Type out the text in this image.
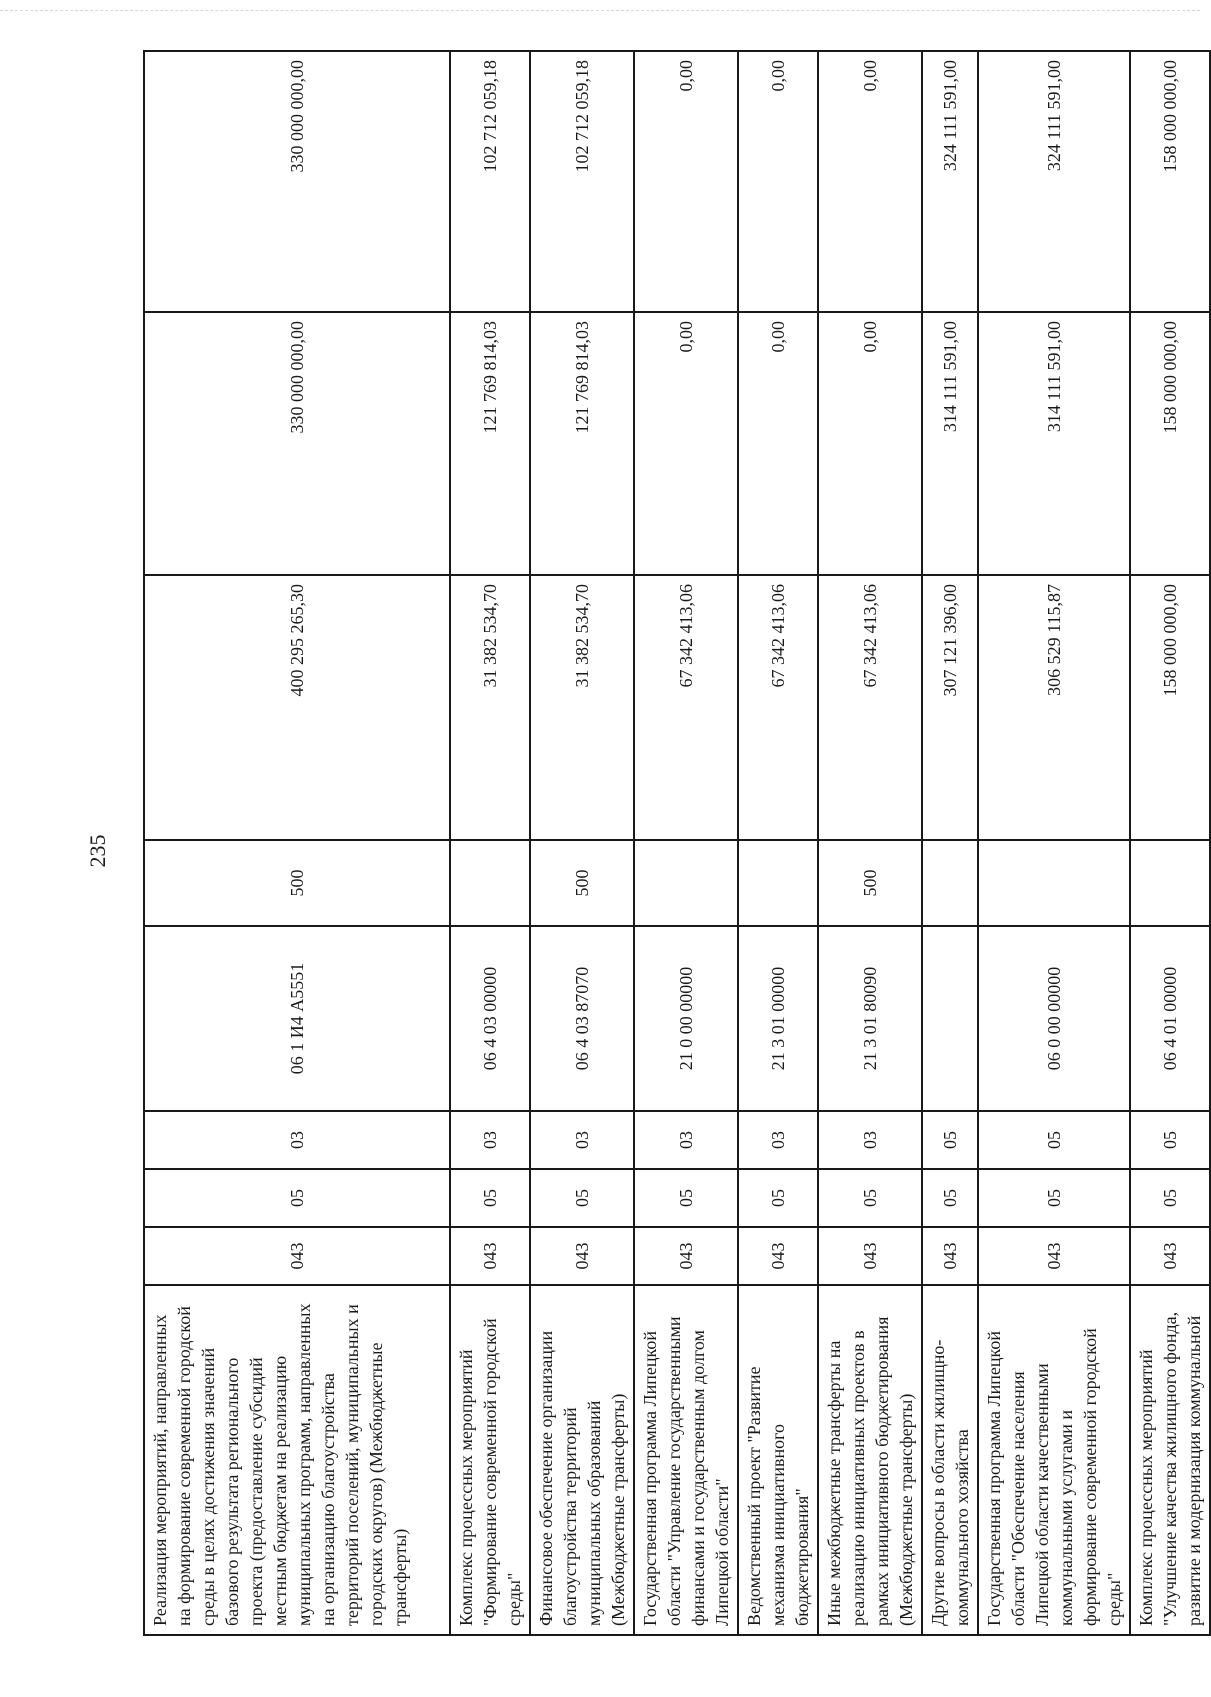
235
Реализация мероприятий, направленных на формирование современной городской среды в целях достижения значений базового результата регионального проекта (предоставление субсидий местным бюджетам на реализацию муниципальных программ, направленных на организацию благоустройства территорий поселений, муниципальных и городских округов) (Межбюджетные трансферты)	043	05	03	06 1 И4 А5551	500	400 295 265,30	330 000 000,00	330 000 000,00
Комплекс процессных мероприятий "Формирование современной городской среды"	043	05	03	06 4 03 00000		31 382 534,70	121 769 814,03	102 712 059,18
Финансовое обеспечение организации благоустройства территорий муниципальных образований (Межбюджетные трансферты)	043	05	03	06 4 03 87070	500	31 382 534,70	121 769 814,03	102 712 059,18
Государственная программа Липецкой области "Управление государственными финансами и государственным долгом Липецкой области"	043	05	03	21 0 00 00000		67 342 413,06	0,00	0,00
Ведомственный проект "Развитие механизма инициативного бюджетирования"	043	05	03	21 3 01 00000		67 342 413,06	0,00	0,00
Иные межбюджетные трансферты на реализацию инициативных проектов в рамках инициативного бюджетирования (Межбюджетные трансферты)	043	05	03	21 3 01 80090	500	67 342 413,06	0,00	0,00
Другие вопросы в области жилищно-коммунального хозяйства	043	05	05			307 121 396,00	314 111 591,00	324 111 591,00
Государственная программа Липецкой области "Обеспечение населения Липецкой области качественными коммунальными услугами и формирование современной городской среды"	043	05	05	06 0 00 00000		306 529 115,87	314 111 591,00	324 111 591,00
Комплекс процессных мероприятий "Улучшение качества жилищного фонда, развитие и модернизация коммунальной	043	05	05	06 4 01 00000		158 000 000,00	158 000 000,00	158 000 000,00
